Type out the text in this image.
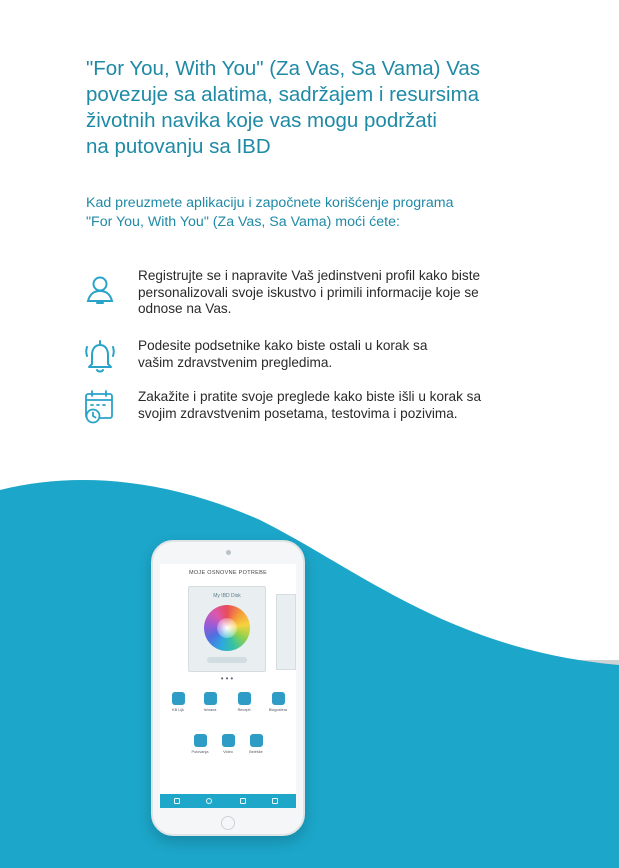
"For You, With You" (Za Vas, Sa Vama) Vas
povezuje sa alatima, sadržajem i resursima
životnih navika koje vas mogu podržati
na putovanju sa IBD
Kad preuzmete aplikaciju i započnete korišćenje programa
"For You, With You" (Za Vas, Sa Vama) moći ćete:
Registrujte se i napravite Vaš jedinstveni profil kako biste
personalizovali svoje iskustvo i primili informacije koje se
odnose na Vas.
Podesite podsetnike kako biste ostali u korak sa
vašim zdravstvenim pregledima.
Zakažite i pratite svoje preglede kako biste išli u korak sa
svojim zdravstvenim posetama, testovima i pozivima.
MOJE OSNOVNE POTREBE
My IBD Disk
•••
KB Lijk	Ishrana	Recepti	Blogosfera
Putovanja	Video	Beleške
